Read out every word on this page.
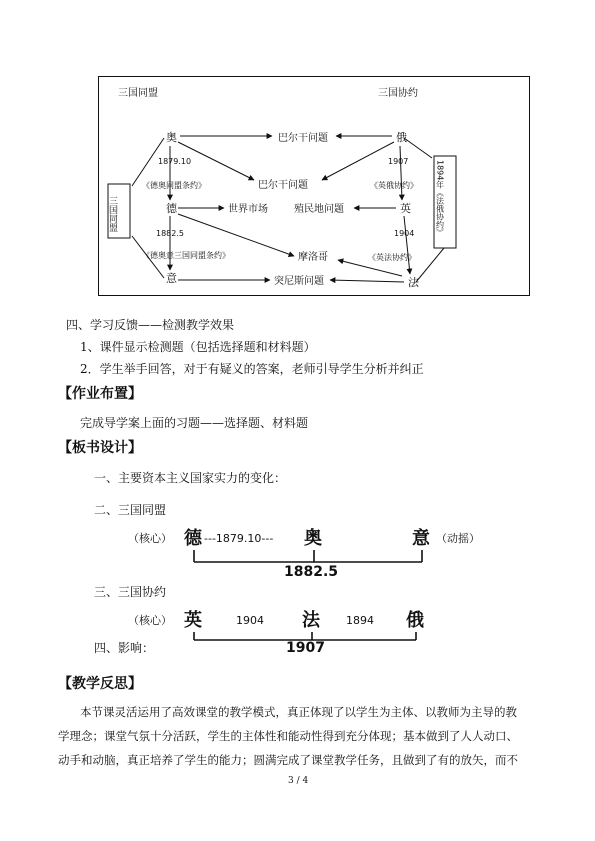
三国同盟	三国协约
奥	俄
德	英
意	法
巴尔干问题
巴尔干问题
世界市场	殖民地问题
摩洛哥
突尼斯问题
1879.10
《德奥同盟条约》
1882.5
《德奥意三国同盟条约》
1907
《英俄协约》
1904
《英法协约》
三国同盟	1894年《法俄协约》
四、学习反馈——检测教学效果
1、课件显示检测题（包括选择题和材料题）
2．学生举手回答，对于有疑义的答案，老师引导学生分析并纠正
【作业布置】
完成导学案上面的习题——选择题、材料题
【板书设计】
一、主要资本主义国家实力的变化：
二、三国同盟
（核心） 德 ---1879.10--- 奥	意 （动摇）
1882.5
三、三国协约
（核心） 英	1904 法 1894 俄
四、影响：	1907
【教学反思】
本节课灵活运用了高效课堂的教学模式，真正体现了以学生为主体、以教师为主导的教
学理念；课堂气氛十分活跃，学生的主体性和能动性得到充分体现；基本做到了人人动口、
动手和动脑，真正培养了学生的能力；圆满完成了课堂教学任务，且做到了有的放矢，而不
3 / 4
